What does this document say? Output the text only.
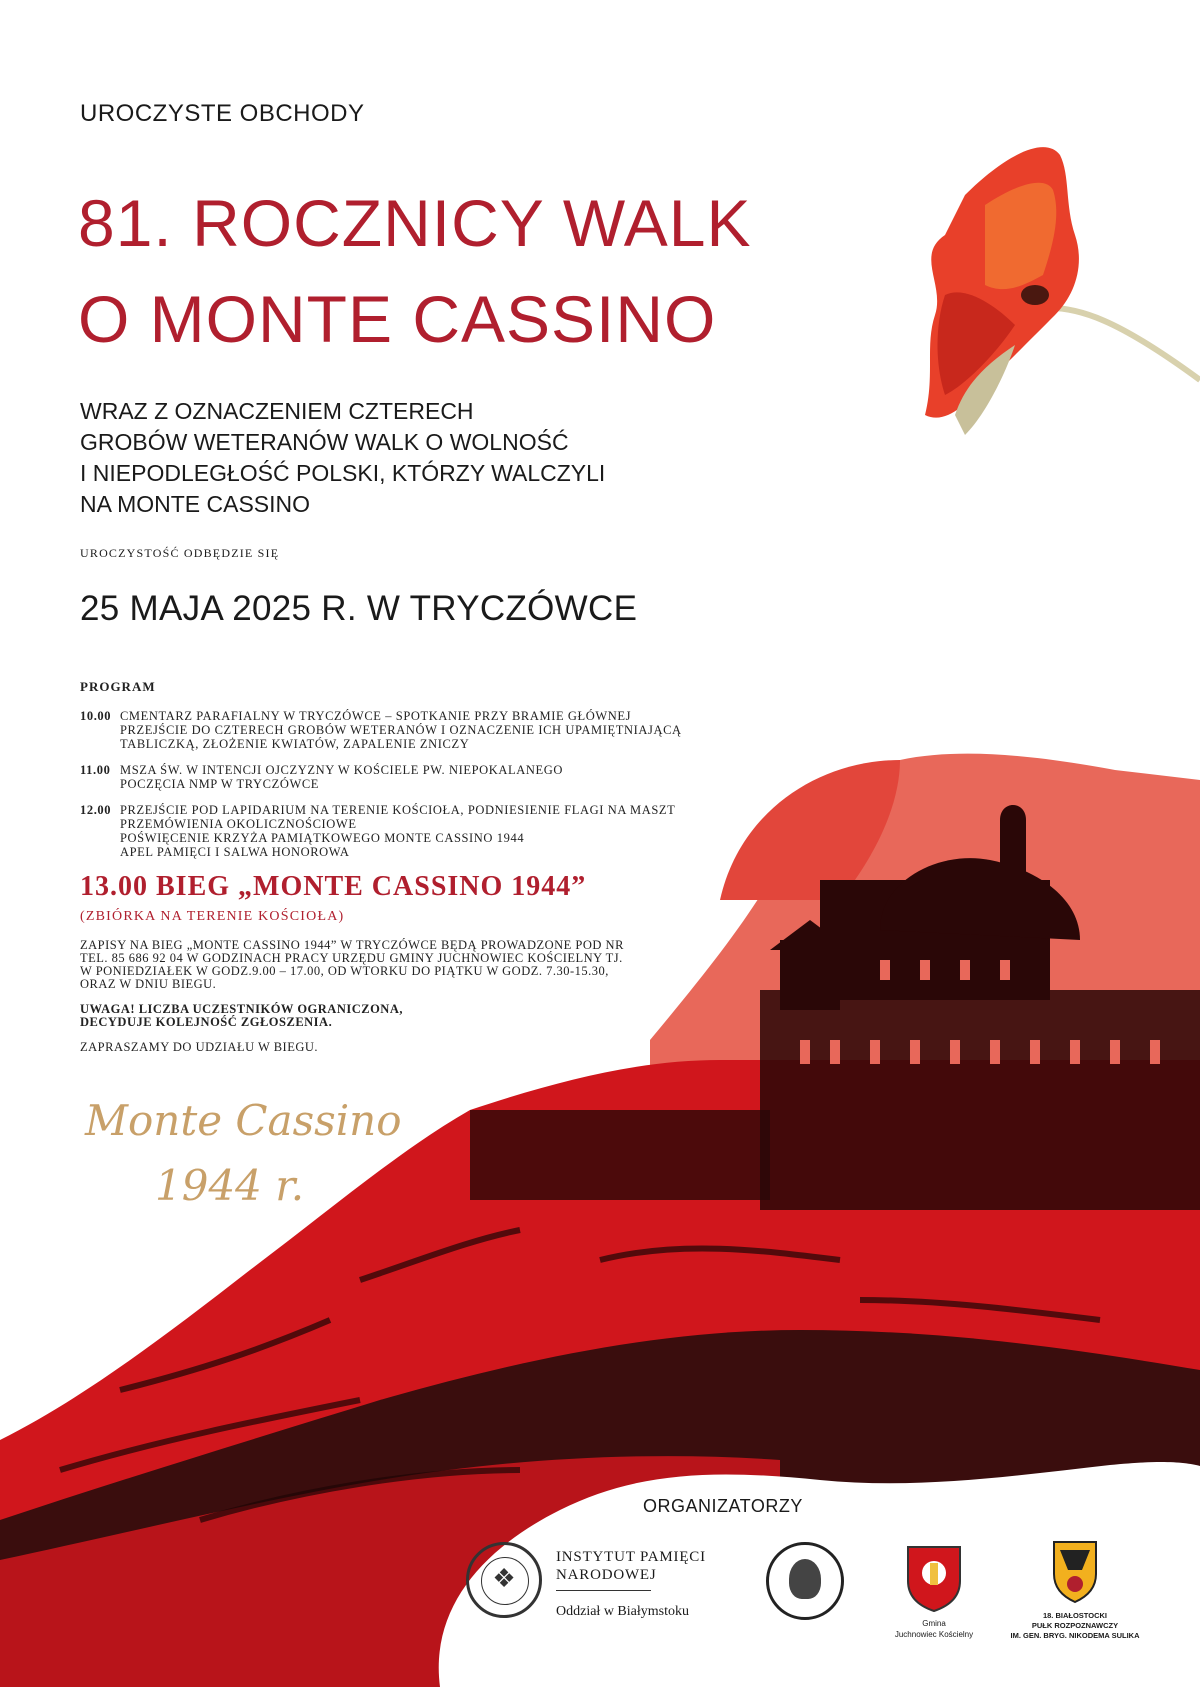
UROCZYSTE OBCHODY
81. ROCZNICY WALK
O MONTE CASSINO
WRAZ Z OZNACZENIEM CZTERECH
GROBÓW WETERANÓW WALK O WOLNOŚĆ
I NIEPODLEGŁOŚĆ POLSKI, KTÓRZY WALCZYLI
NA MONTE CASSINO
UROCZYSTOŚĆ ODBĘDZIE SIĘ
25 MAJA 2025 R. W TRYCZÓWCE
PROGRAM
10.00 CMENTARZ PARAFIALNY W TRYCZÓWCE – SPOTKANIE PRZY BRAMIE GŁÓWNEJ
PRZEJŚCIE DO CZTERECH GROBÓW WETERANÓW I OZNACZENIE ICH UPAMIĘTNIAJĄCĄ
TABLICZKĄ, ZŁOŻENIE KWIATÓW, ZAPALENIE ZNICZY
11.00 MSZA ŚW. W INTENCJI OJCZYZNY W KOŚCIELE PW. NIEPOKALANEGO
POCZĘCIA NMP W TRYCZÓWCE
12.00 PRZEJŚCIE POD LAPIDARIUM NA TERENIE KOŚCIOŁA, PODNIESIENIE FLAGI NA MASZT
PRZEMÓWIENIA OKOLICZNOŚCIOWE
POŚWIĘCENIE KRZYŻA PAMIĄTKOWEGO MONTE CASSINO 1944
APEL PAMIĘCI I SALWA HONOROWA
13.00 BIEG „MONTE CASSINO 1944”
(ZBIÓRKA NA TERENIE KOŚCIOŁA)
ZAPISY NA BIEG „MONTE CASSINO 1944” W TRYCZÓWCE BĘDĄ PROWADZONE POD NR
TEL. 85 686 92 04 W GODZINACH PRACY URZĘDU GMINY JUCHNOWIEC KOŚCIELNY TJ.
W PONIEDZIAŁEK W GODZ.9.00 – 17.00, OD WTORKU DO PIĄTKU W GODZ. 7.30-15.30,
ORAZ W DNIU BIEGU.
UWAGA! LICZBA UCZESTNIKÓW OGRANICZONA,
DECYDUJE KOLEJNOŚĆ ZGŁOSZENIA.
ZAPRASZAMY DO UDZIAŁU W BIEGU.
Monte Cassino
1944 r.
ORGANIZATORZY
❖
INSTYTUT PAMIĘCI
NARODOWEJ
Oddział w Białymstoku
Gmina
Juchnowiec Kościelny
18. BIAŁOSTOCKI
PUŁK ROZPOZNAWCZY
IM. GEN. BRYG. NIKODEMA SULIKA
